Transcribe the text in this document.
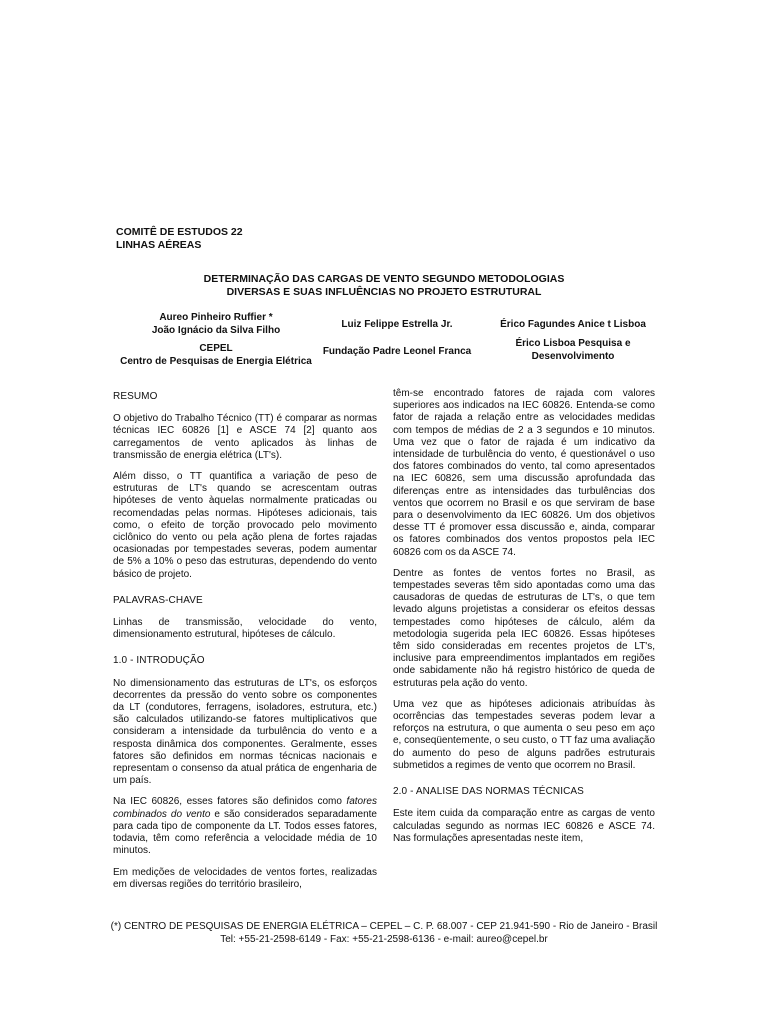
COMITÊ DE ESTUDOS 22
LINHAS AÉREAS
DETERMINAÇÃO DAS CARGAS DE VENTO SEGUNDO METODOLOGIAS
DIVERSAS E SUAS INFLUÊNCIAS NO PROJETO ESTRUTURAL
Aureo Pinheiro Ruffier *
João Ignácio da Silva Filho
CEPEL
Centro de Pesquisas de Energia Elétrica
Luiz Felippe Estrella Jr.
Fundação Padre Leonel Franca
Érico Fagundes Anice t Lisboa
Érico Lisboa Pesquisa e
Desenvolvimento

RESUMO

O objetivo do Trabalho Técnico (TT) é comparar as normas técnicas IEC 60826 [1] e ASCE 74 [2] quanto aos carregamentos de vento aplicados às linhas de transmissão de energia elétrica (LT's).

Além disso, o TT quantifica a variação de peso de estruturas de LT's quando se acrescentam outras hipóteses de vento àquelas normalmente praticadas ou recomendadas pelas normas. Hipóteses adicionais, tais como, o efeito de torção provocado pelo movimento ciclônico do vento ou pela ação plena de fortes rajadas ocasionadas por tempestades severas, podem aumentar de 5% a 10% o peso das estruturas, dependendo do vento básico de projeto.

PALAVRAS-CHAVE

Linhas de transmissão, velocidade do vento, dimensionamento estrutural, hipóteses de cálculo.

1.0 - INTRODUÇÃO

No dimensionamento das estruturas de LT's, os esforços decorrentes da pressão do vento sobre os componentes da LT (condutores, ferragens, isoladores, estrutura, etc.) são calculados utilizando-se fatores multiplicativos que consideram a intensidade da turbulência do vento e a resposta dinâmica dos componentes. Geralmente, esses fatores são definidos em normas técnicas nacionais e representam o consenso da atual prática de engenharia de um país.

Na IEC 60826, esses fatores são definidos como fatores combinados do vento e são considerados separadamente para cada tipo de componente da LT. Todos esses fatores, todavia, têm como referência a velocidade média de 10 minutos.

Em medições de velocidades de ventos fortes, realizadas em diversas regiões do território brasileiro,

têm-se encontrado fatores de rajada com valores superiores aos indicados na IEC 60826. Entenda-se como fator de rajada a relação entre as velocidades medidas com tempos de médias de 2 a 3 segundos e 10 minutos. Uma vez que o fator de rajada é um indicativo da intensidade de turbulência do vento, é questionável o uso dos fatores combinados do vento, tal como apresentados na IEC 60826, sem uma discussão aprofundada das diferenças entre as intensidades das turbulências dos ventos que ocorrem no Brasil e os que serviram de base para o desenvolvimento da IEC 60826. Um dos objetivos desse TT é promover essa discussão e, ainda, comparar os fatores combinados dos ventos propostos pela IEC 60826 com os da ASCE 74.

Dentre as fontes de ventos fortes no Brasil, as tempestades severas têm sido apontadas como uma das causadoras de quedas de estruturas de LT's, o que tem levado alguns projetistas a considerar os efeitos dessas tempestades como hipóteses de cálculo, além da metodologia sugerida pela IEC 60826. Essas hipóteses têm sido consideradas em recentes projetos de LT's, inclusive para empreendimentos implantados em regiões onde sabidamente não há registro histórico de queda de estruturas pela ação do vento.

Uma vez que as hipóteses adicionais atribuídas às ocorrências das tempestades severas podem levar a reforços na estrutura, o que aumenta o seu peso em aço e, conseqüentemente, o seu custo, o TT faz uma avaliação do aumento do peso de alguns padrões estruturais submetidos a regimes de vento que ocorrem no Brasil.

2.0 - ANALISE DAS NORMAS TÉCNICAS

Este item cuida da comparação entre as cargas de vento calculadas segundo as normas IEC 60826 e ASCE 74. Nas formulações apresentadas neste item,

(*) CENTRO DE PESQUISAS DE ENERGIA ELÉTRICA – CEPEL – C. P. 68.007 - CEP 21.941-590 - Rio de Janeiro - Brasil
Tel: +55-21-2598-6149 - Fax: +55-21-2598-6136 - e-mail: aureo@cepel.br
